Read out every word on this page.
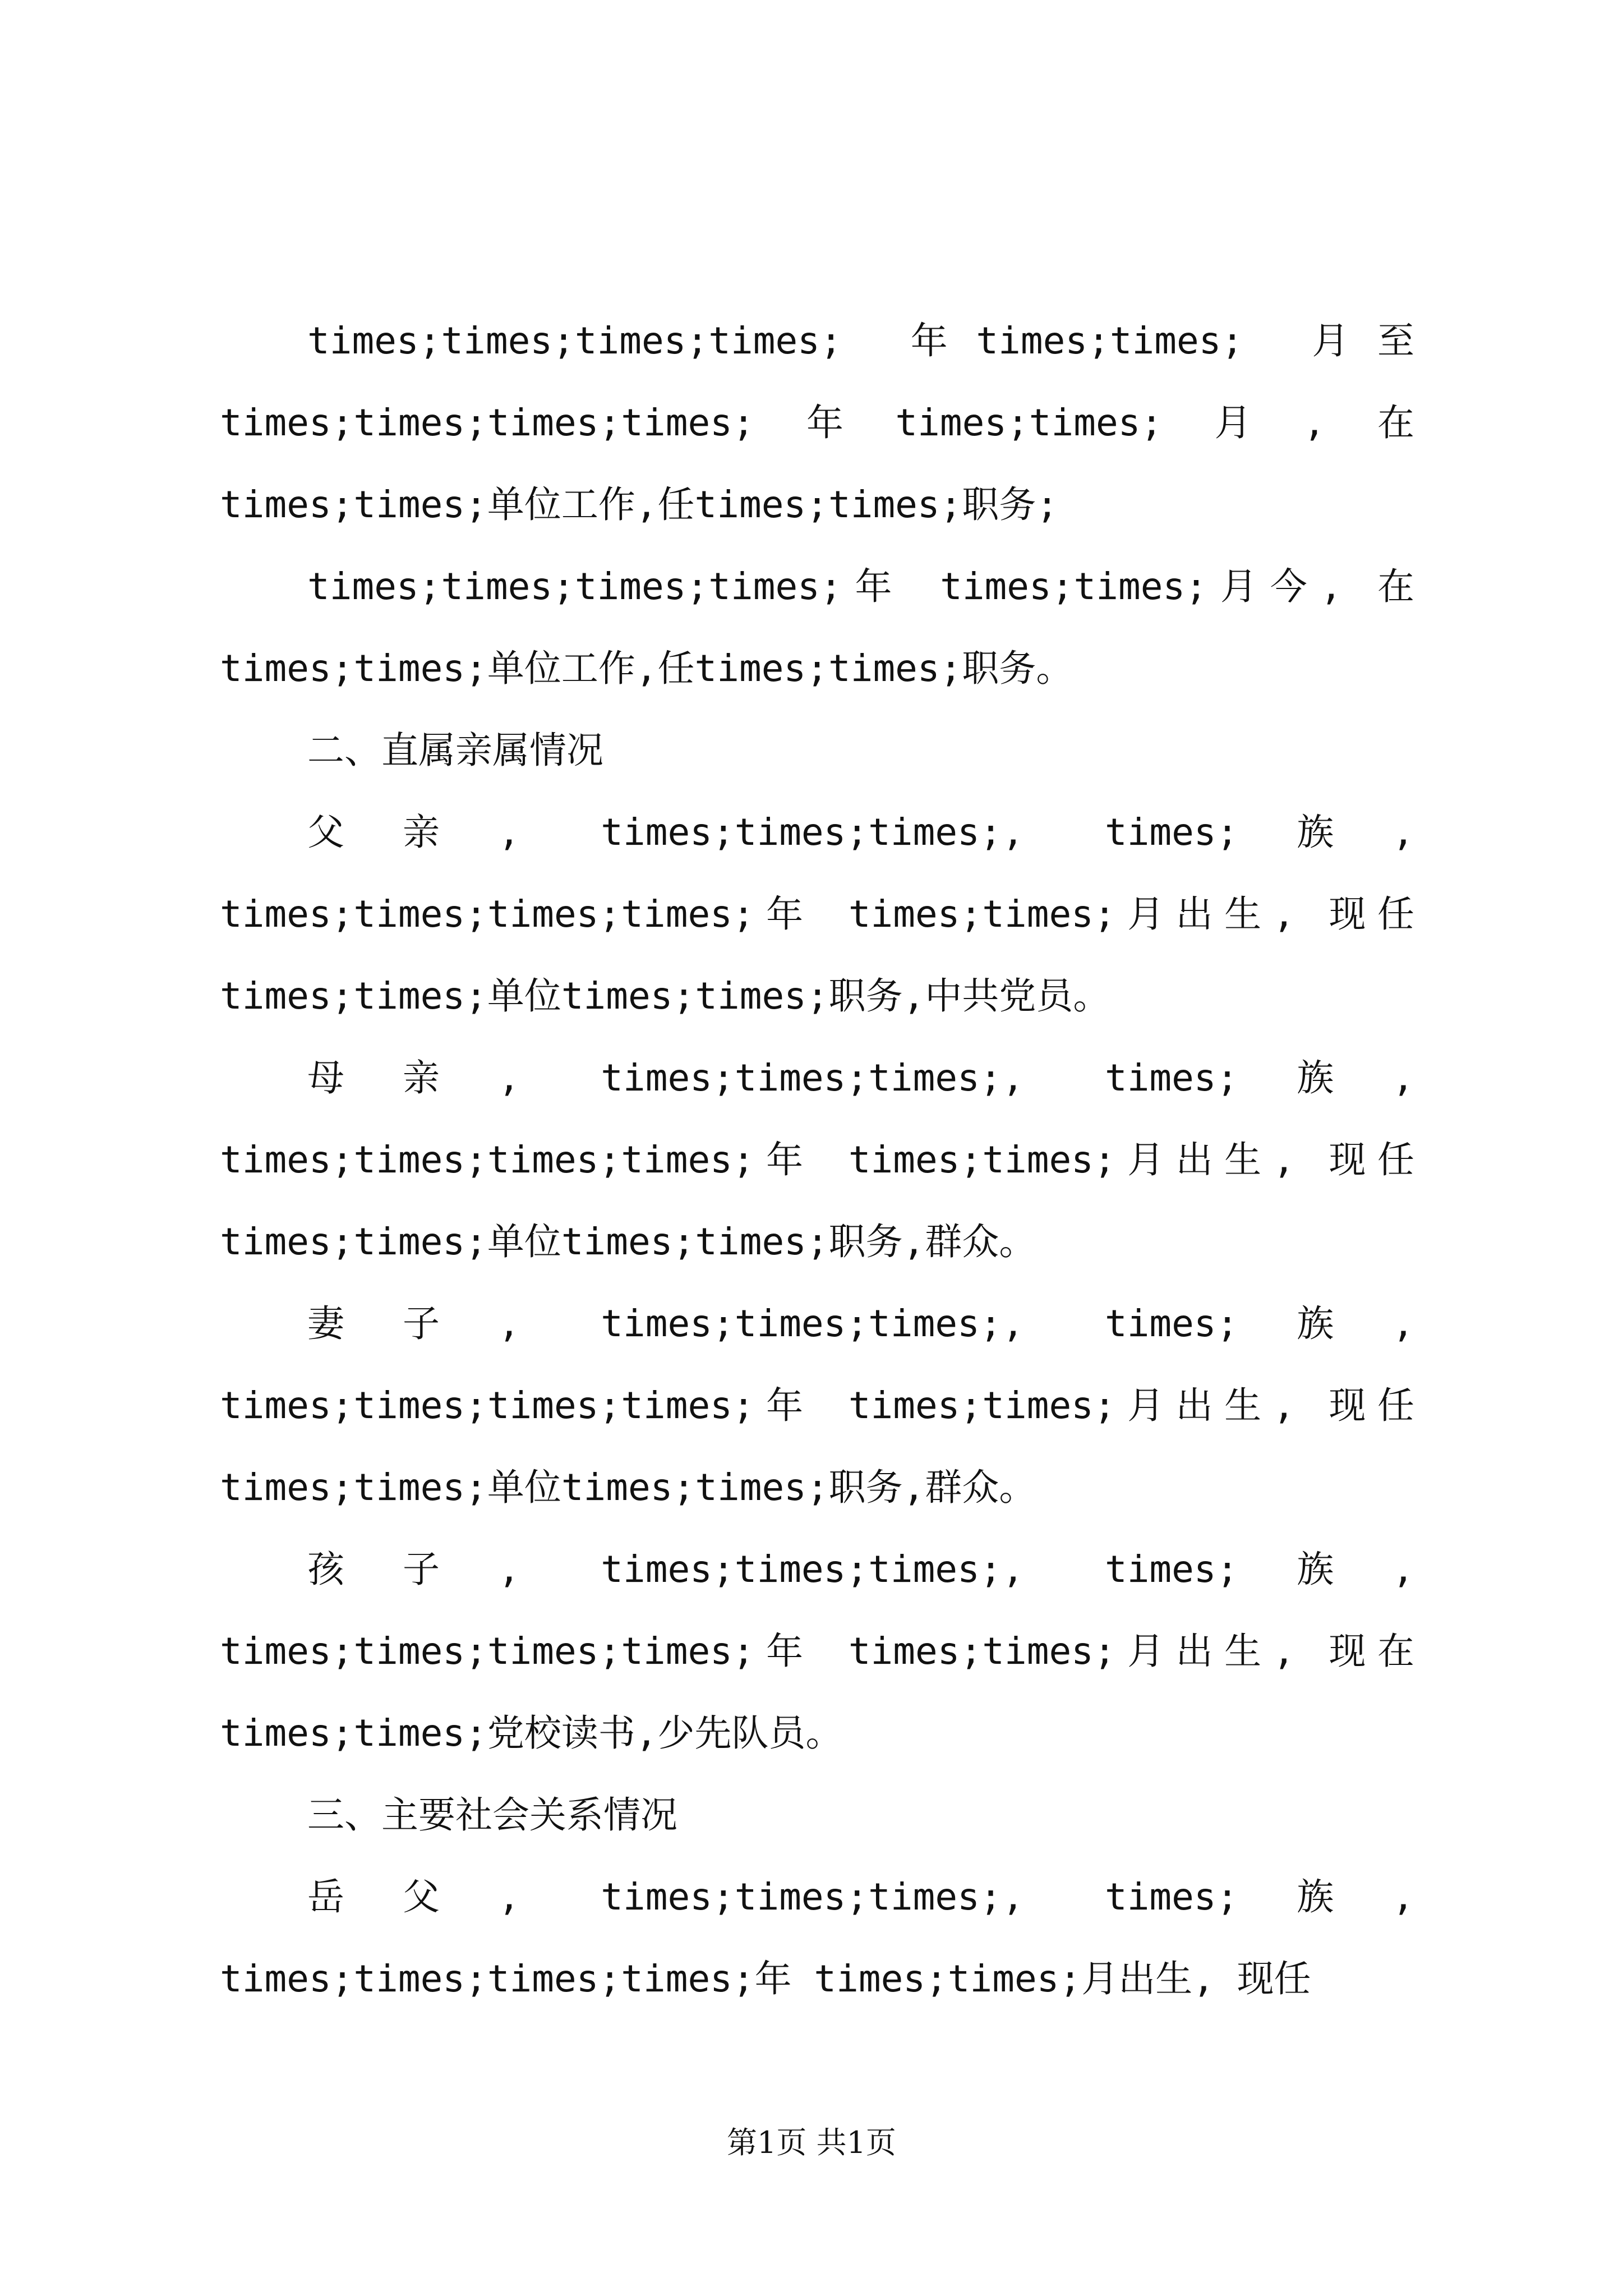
times;times;times;times;　 年 times;times;　 月 至 times;times;times;times;年times;times;月,在times;times;单位工作,任times;times;职务;

times;times;times;times;年 times;times;月今, 在times;times;单位工作,任times;times;职务。

二、直属亲属情况

父亲, times;times;times;, times;族, times;times;times;times;年 times;times;月出生, 现任times;times;单位times;times;职务,中共党员。

母亲, times;times;times;, times;族, times;times;times;times;年 times;times;月出生, 现任times;times;单位times;times;职务,群众。

妻子, times;times;times;, times;族, times;times;times;times;年 times;times;月出生, 现任times;times;单位times;times;职务,群众。

孩子, times;times;times;, times;族, times;times;times;times;年 times;times;月出生, 现在times;times;党校读书,少先队员。

三、主要社会关系情况

岳父, times;times;times;, times;族, times;times;times;times;年 times;times;月出生, 现任

第1页 共1页
